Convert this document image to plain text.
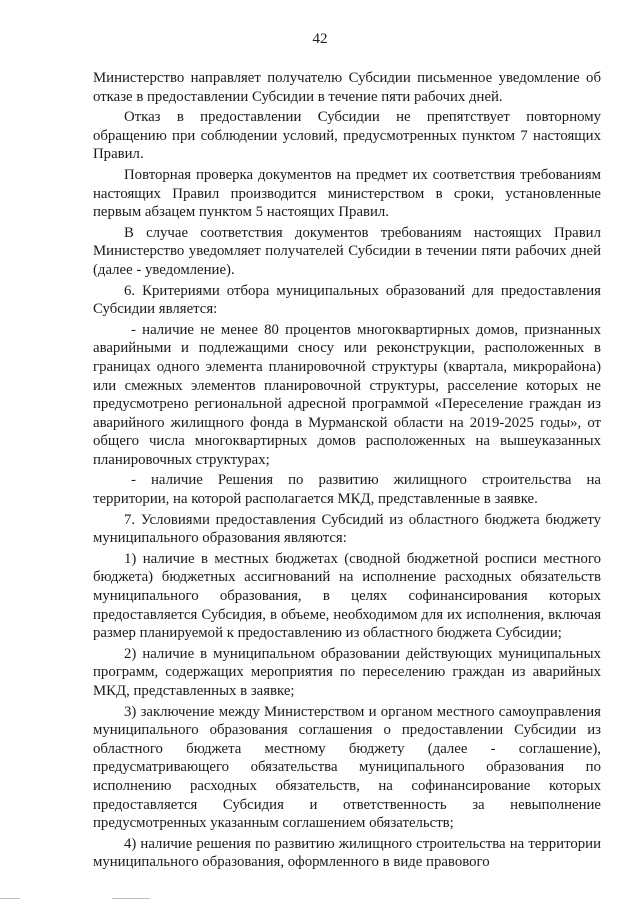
42

Министерство направляет получателю Субсидии письменное уведомление об отказе в предоставлении Субсидии в течение пяти рабочих дней.

Отказ в предоставлении Субсидии не препятствует повторному обращению при соблюдении условий, предусмотренных пунктом 7 настоящих Правил.

Повторная проверка документов на предмет их соответствия требованиям настоящих Правил производится министерством в сроки, установленные первым абзацем пунктом 5 настоящих Правил.

В случае соответствия документов требованиям настоящих Правил Министерство уведомляет получателей Субсидии в течении пяти рабочих дней (далее - уведомление).

6. Критериями отбора муниципальных образований для предоставления Субсидии является:

- наличие не менее 80 процентов многоквартирных домов, признанных аварийными и подлежащими сносу или реконструкции, расположенных в границах одного элемента планировочной структуры (квартала, микрорайона) или смежных элементов планировочной структуры, расселение которых не предусмотрено региональной адресной программой «Переселение граждан из аварийного жилищного фонда в Мурманской области на 2019-2025 годы», от общего числа многоквартирных домов расположенных на вышеуказанных планировочных структурах;

- наличие Решения по развитию жилищного строительства на территории, на которой располагается МКД, представленные в заявке.

7. Условиями предоставления Субсидий из областного бюджета бюджету муниципального образования являются:

1) наличие в местных бюджетах (сводной бюджетной росписи местного бюджета) бюджетных ассигнований на исполнение расходных обязательств муниципального образования, в целях софинансирования которых предоставляется Субсидия, в объеме, необходимом для их исполнения, включая размер планируемой к предоставлению из областного бюджета Субсидии;

2) наличие в муниципальном образовании действующих муниципальных программ, содержащих мероприятия по переселению граждан из аварийных МКД, представленных в заявке;

3) заключение между Министерством и органом местного самоуправления муниципального образования соглашения о предоставлении Субсидии из областного бюджета местному бюджету (далее - соглашение), предусматривающего обязательства муниципального образования по исполнению расходных обязательств, на софинансирование которых предоставляется Субсидия и ответственность за невыполнение предусмотренных указанным соглашением обязательств;

4) наличие решения по развитию жилищного строительства на территории муниципального образования, оформленного в виде правового
